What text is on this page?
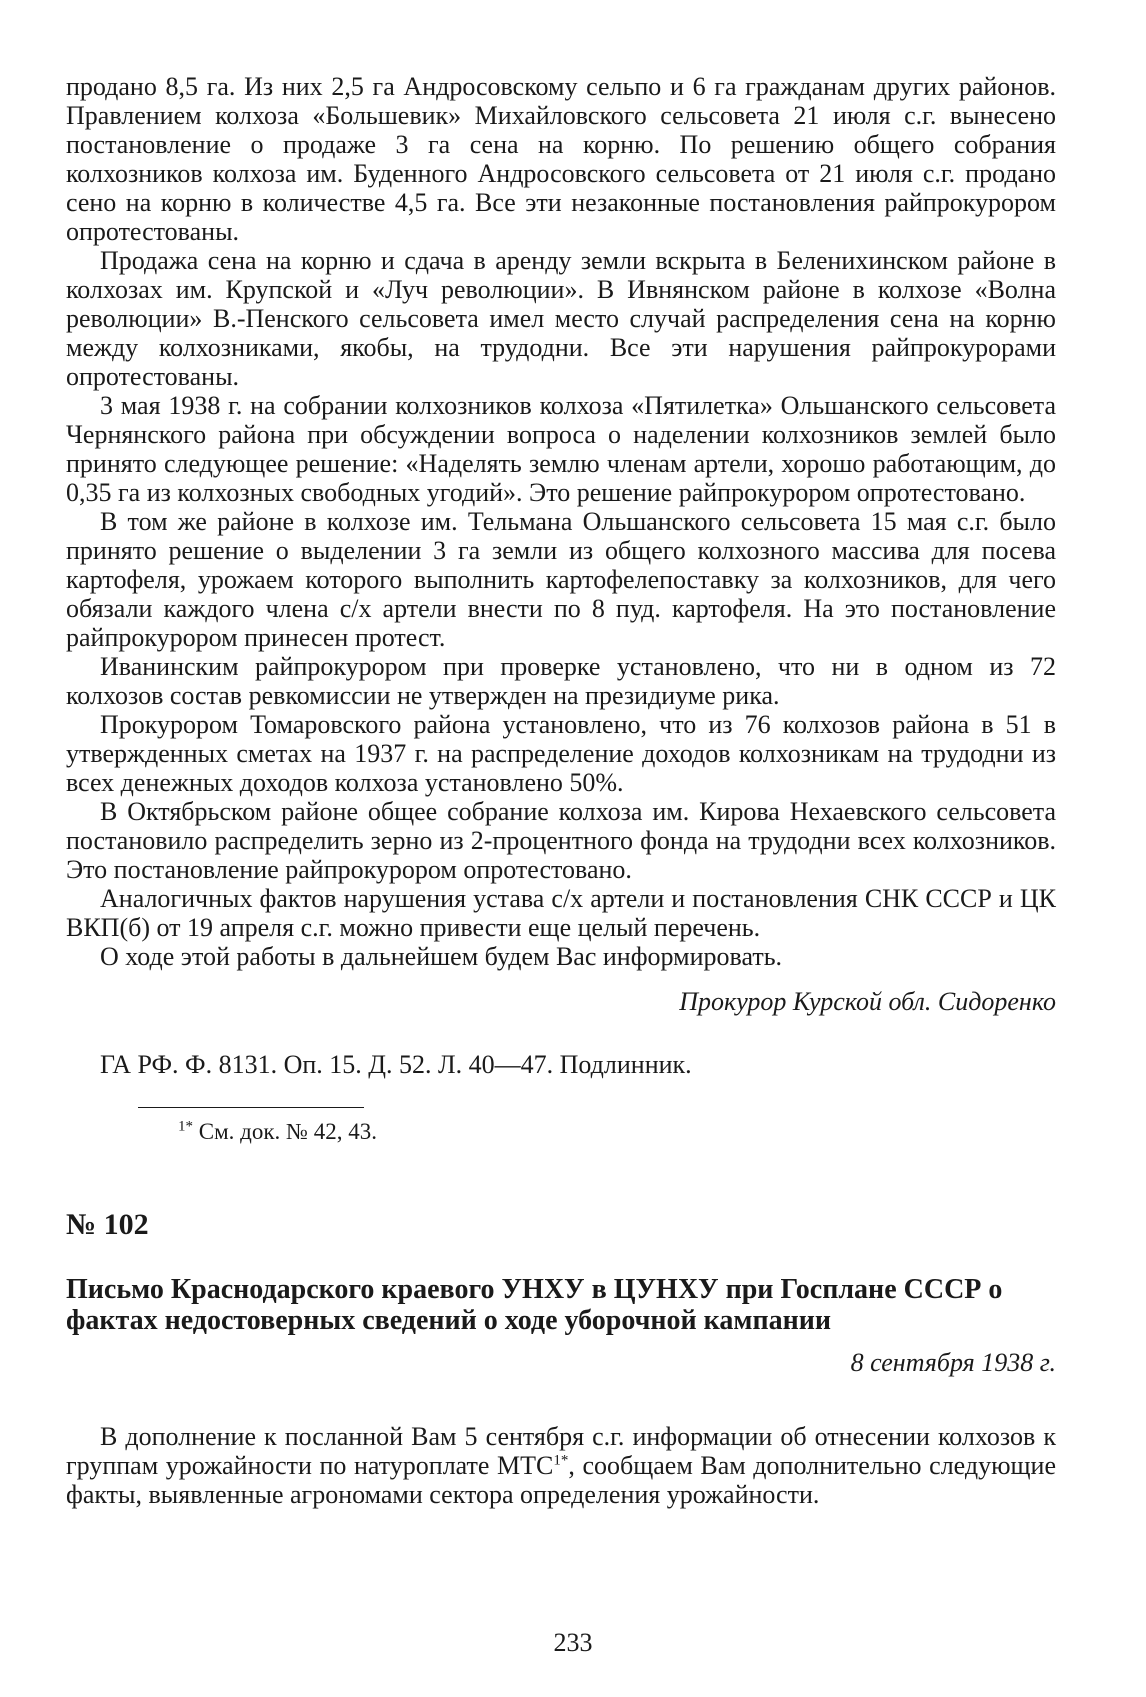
продано 8,5 га. Из них 2,5 га Андросовскому сельпо и 6 га гражданам других районов. Правлением колхоза «Большевик» Михайловского сельсовета 21 июля с.г. вынесено постановление о продаже 3 га сена на корню. По решению общего собрания колхозников колхоза им. Буденного Андросовского сельсовета от 21 июля с.г. продано сено на корню в количестве 4,5 га. Все эти незаконные постановления райпрокурором опротестованы.

Продажа сена на корню и сдача в аренду земли вскрыта в Беленихинском районе в колхозах им. Крупской и «Луч революции». В Ивнянском районе в колхозе «Волна революции» В.-Пенского сельсовета имел место случай распределения сена на корню между колхозниками, якобы, на трудодни. Все эти нарушения райпрокурорами опротестованы.

3 мая 1938 г. на собрании колхозников колхоза «Пятилетка» Ольшанского сельсовета Чернянского района при обсуждении вопроса о наделении колхозников землей было принято следующее решение: «Наделять землю членам артели, хорошо работающим, до 0,35 га из колхозных свободных угодий». Это решение райпрокурором опротестовано.

В том же районе в колхозе им. Тельмана Ольшанского сельсовета 15 мая с.г. было принято решение о выделении 3 га земли из общего колхозного массива для посева картофеля, урожаем которого выполнить картофелепоставку за колхозников, для чего обязали каждого члена с/х артели внести по 8 пуд. картофеля. На это постановление райпрокурором принесен протест.

Иванинским райпрокурором при проверке установлено, что ни в одном из 72 колхозов состав ревкомиссии не утвержден на президиуме рика.

Прокурором Томаровского района установлено, что из 76 колхозов района в 51 в утвержденных сметах на 1937 г. на распределение доходов колхозникам на трудодни из всех денежных доходов колхоза установлено 50%.

В Октябрьском районе общее собрание колхоза им. Кирова Нехаевского сельсовета постановило распределить зерно из 2-процентного фонда на трудодни всех колхозников. Это постановление райпрокурором опротестовано.

Аналогичных фактов нарушения устава с/х артели и постановления СНК СССР и ЦК ВКП(б) от 19 апреля с.г. можно привести еще целый перечень.

О ходе этой работы в дальнейшем будем Вас информировать.

Прокурор Курской обл. Сидоренко

ГА РФ. Ф. 8131. Оп. 15. Д. 52. Л. 40—47. Подлинник.

$^{1*}$ См. док. № 42, 43.

№ 102
Письмо Краснодарского краевого УНХУ в ЦУНХУ при Госплане СССР о фактах недостоверных сведений о ходе уборочной кампании
8 сентября 1938 г.

В дополнение к посланной Вам 5 сентября с.г. информации об отнесении колхозов к группам урожайности по натуроплате $МТС^{1*}$, сообщаем Вам дополнительно следующие факты, выявленные агрономами сектора определения урожайности.

233
